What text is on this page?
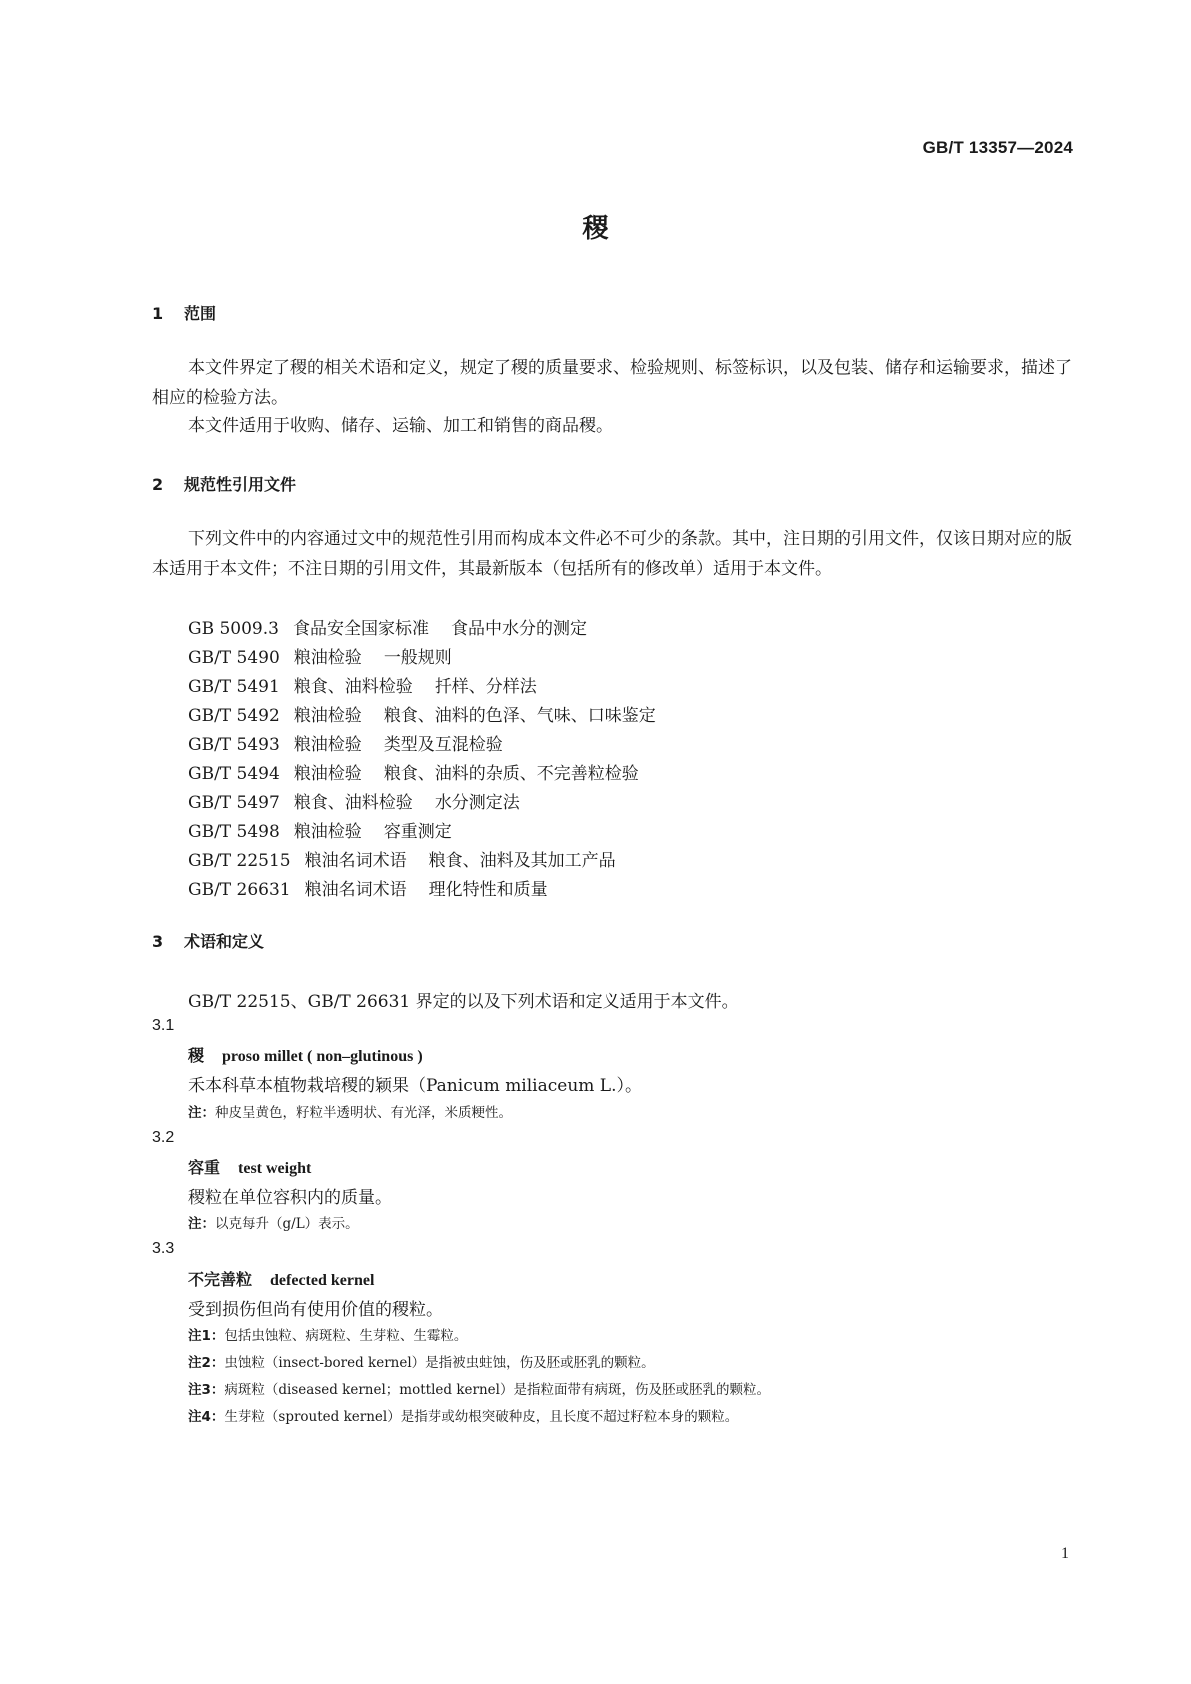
GB/T 13357—2024
稷
1 范围

本文件界定了稷的相关术语和定义，规定了稷的质量要求、检验规则、标签标识，以及包装、储存和运输要求，描述了相应的检验方法。

本文件适用于收购、储存、运输、加工和销售的商品稷。

2 规范性引用文件

下列文件中的内容通过文中的规范性引用而构成本文件必不可少的条款。其中，注日期的引用文件，仅该日期对应的版本适用于本文件；不注日期的引用文件，其最新版本（包括所有的修改单）适用于本文件。

GB 5009.3 食品安全国家标准 食品中水分的测定
GB/T 5490 粮油检验 一般规则
GB/T 5491 粮食、油料检验 扦样、分样法
GB/T 5492 粮油检验 粮食、油料的色泽、气味、口味鉴定
GB/T 5493 粮油检验 类型及互混检验
GB/T 5494 粮油检验 粮食、油料的杂质、不完善粒检验
GB/T 5497 粮食、油料检验 水分测定法
GB/T 5498 粮油检验 容重测定
GB/T 22515 粮油名词术语 粮食、油料及其加工产品
GB/T 26631 粮油名词术语 理化特性和质量
3 术语和定义
GB/T 22515、GB/T 26631 界定的以及下列术语和定义适用于本文件。
3.1
稷 proso millet ( non–glutinous )
禾本科草本植物栽培稷的颖果（Panicum miliaceum L.）。
注：种皮呈黄色，籽粒半透明状、有光泽，米质粳性。
3.2
容重 test weight
稷粒在单位容积内的质量。
注：以克每升（g/L）表示。
3.3
不完善粒 defected kernel
受到损伤但尚有使用价值的稷粒。
注1：包括虫蚀粒、病斑粒、生芽粒、生霉粒。
注2：虫蚀粒（insect-bored kernel）是指被虫蛀蚀，伤及胚或胚乳的颗粒。
注3：病斑粒（diseased kernel；mottled kernel）是指粒面带有病斑，伤及胚或胚乳的颗粒。
注4：生芽粒（sprouted kernel）是指芽或幼根突破种皮，且长度不超过籽粒本身的颗粒。
1
